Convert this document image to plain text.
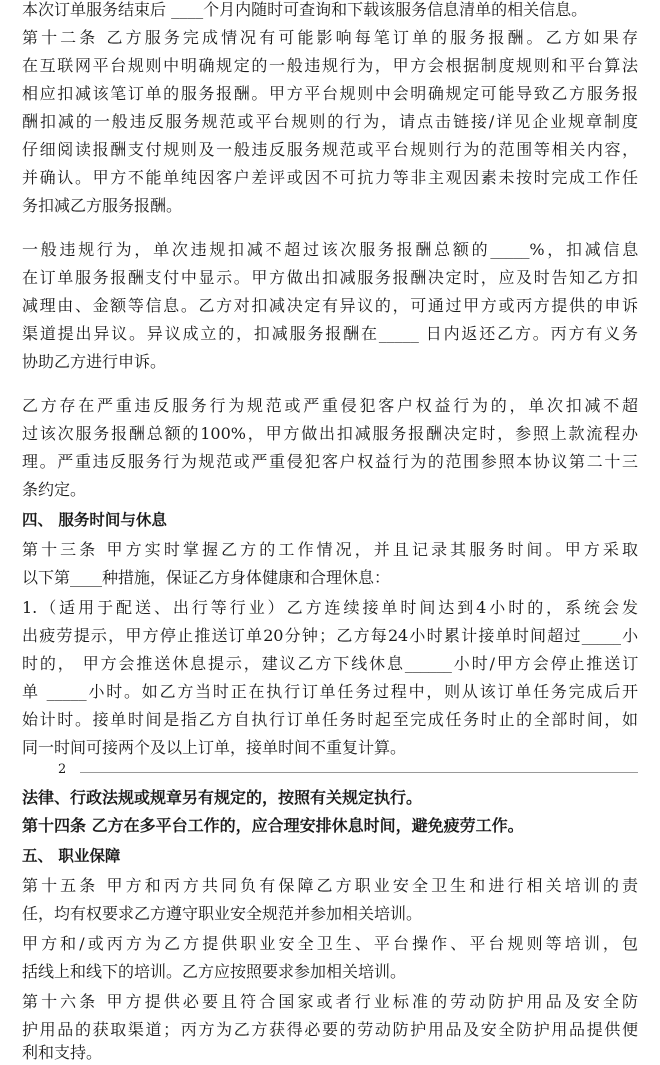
本次订单服务结束后 ____个月内随时可查询和下载该服务信息清单的相关信息。
第十二条 乙方服务完成情况有可能影响每笔订单的服务报酬。乙方如果存
在互联网平台规则中明确规定的一般违规行为，甲方会根据制度规则和平台算法
相应扣减该笔订单的服务报酬。甲方平台规则中会明确规定可能导致乙方服务报
酬扣减的一般违反服务规范或平台规则的行为，请点击链接/详见企业规章制度
仔细阅读报酬支付规则及一般违反服务规范或平台规则行为的范围等相关内容，
并确认。甲方不能单纯因客户差评或因不可抗力等非主观因素未按时完成工作任
务扣减乙方服务报酬。
一般违规行为，单次违规扣减不超过该次服务报酬总额的_____%，扣减信息
在订单服务报酬支付中显示。甲方做出扣减服务报酬决定时，应及时告知乙方扣
减理由、金额等信息。乙方对扣减决定有异议的，可通过甲方或丙方提供的申诉
渠道提出异议。异议成立的，扣减服务报酬在_____ 日内返还乙方。丙方有义务
协助乙方进行申诉。
乙方存在严重违反服务行为规范或严重侵犯客户权益行为的，单次扣减不超
过该次服务报酬总额的100%，甲方做出扣减服务报酬决定时，参照上款流程办
理。严重违反服务行为规范或严重侵犯客户权益行为的范围参照本协议第二十三
条约定。
四、 服务时间与休息
第十三条 甲方实时掌握乙方的工作情况，并且记录其服务时间。甲方采取
以下第____种措施，保证乙方身体健康和合理休息：
1.（适用于配送、出行等行业）乙方连续接单时间达到4小时的，系统会发
出疲劳提示，甲方停止推送订单20分钟；乙方每24小时累计接单时间超过_____小
时的， 甲方会推送休息提示，建议乙方下线休息______小时/甲方会停止推送订
单 _____小时。如乙方当时正在执行订单任务过程中，则从该订单任务完成后开
始计时。接单时间是指乙方自执行订单任务时起至完成任务时止的全部时间，如
同一时间可接两个及以上订单，接单时间不重复计算。
2
法律、行政法规或规章另有规定的，按照有关规定执行。
第十四条 乙方在多平台工作的，应合理安排休息时间，避免疲劳工作。
五、 职业保障
第十五条 甲方和丙方共同负有保障乙方职业安全卫生和进行相关培训的责
任，均有权要求乙方遵守职业安全规范并参加相关培训。
甲方和/或丙方为乙方提供职业安全卫生、平台操作、平台规则等培训，包
括线上和线下的培训。乙方应按照要求参加相关培训。
第十六条 甲方提供必要且符合国家或者行业标准的劳动防护用品及安全防
护用品的获取渠道；丙方为乙方获得必要的劳动防护用品及安全防护用品提供便
利和支持。
